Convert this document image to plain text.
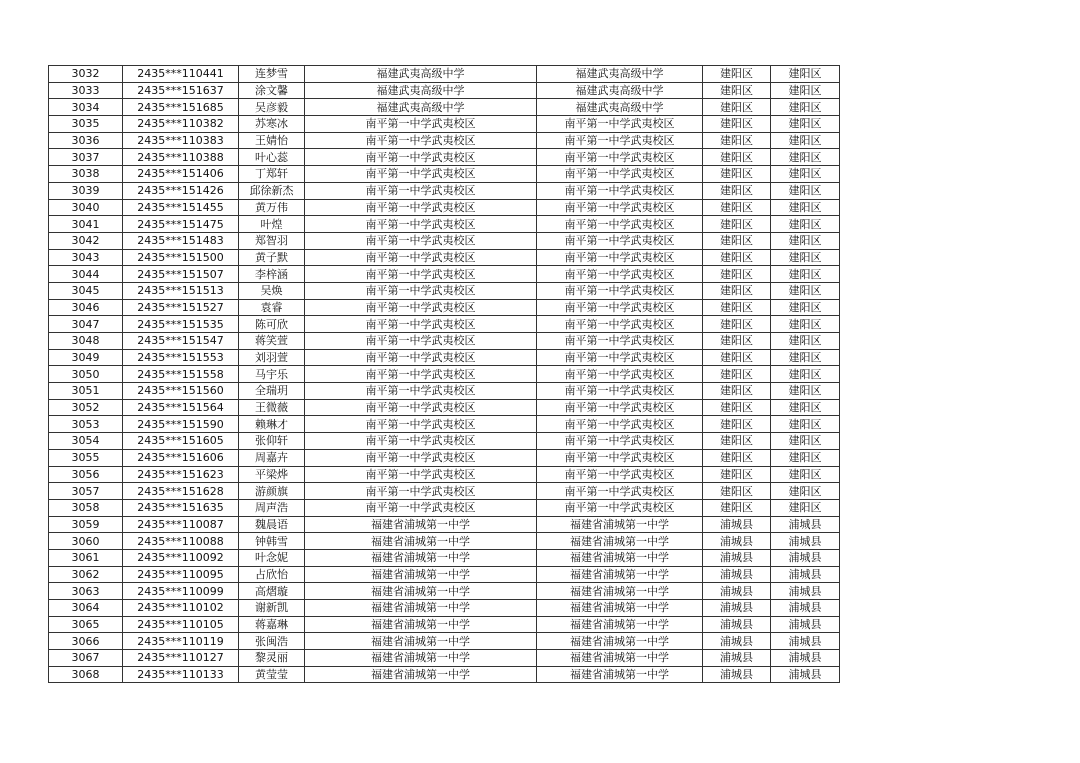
3032	2435***110441	连梦雪	福建武夷高级中学	福建武夷高级中学	建阳区	建阳区
3033	2435***151637	涂文馨	福建武夷高级中学	福建武夷高级中学	建阳区	建阳区
3034	2435***151685	吴彦毅	福建武夷高级中学	福建武夷高级中学	建阳区	建阳区
3035	2435***110382	苏寒冰	南平第一中学武夷校区	南平第一中学武夷校区	建阳区	建阳区
3036	2435***110383	王婧怡	南平第一中学武夷校区	南平第一中学武夷校区	建阳区	建阳区
3037	2435***110388	叶心蕊	南平第一中学武夷校区	南平第一中学武夷校区	建阳区	建阳区
3038	2435***151406	丁郑轩	南平第一中学武夷校区	南平第一中学武夷校区	建阳区	建阳区
3039	2435***151426	邱徐新杰	南平第一中学武夷校区	南平第一中学武夷校区	建阳区	建阳区
3040	2435***151455	黄万伟	南平第一中学武夷校区	南平第一中学武夷校区	建阳区	建阳区
3041	2435***151475	叶煌	南平第一中学武夷校区	南平第一中学武夷校区	建阳区	建阳区
3042	2435***151483	郑智羽	南平第一中学武夷校区	南平第一中学武夷校区	建阳区	建阳区
3043	2435***151500	黄子默	南平第一中学武夷校区	南平第一中学武夷校区	建阳区	建阳区
3044	2435***151507	李梓涵	南平第一中学武夷校区	南平第一中学武夷校区	建阳区	建阳区
3045	2435***151513	吴焕	南平第一中学武夷校区	南平第一中学武夷校区	建阳区	建阳区
3046	2435***151527	袁睿	南平第一中学武夷校区	南平第一中学武夷校区	建阳区	建阳区
3047	2435***151535	陈可欣	南平第一中学武夷校区	南平第一中学武夷校区	建阳区	建阳区
3048	2435***151547	蒋笑萱	南平第一中学武夷校区	南平第一中学武夷校区	建阳区	建阳区
3049	2435***151553	刘羽萱	南平第一中学武夷校区	南平第一中学武夷校区	建阳区	建阳区
3050	2435***151558	马宇乐	南平第一中学武夷校区	南平第一中学武夷校区	建阳区	建阳区
3051	2435***151560	全瑞玥	南平第一中学武夷校区	南平第一中学武夷校区	建阳区	建阳区
3052	2435***151564	王微薇	南平第一中学武夷校区	南平第一中学武夷校区	建阳区	建阳区
3053	2435***151590	赖琳才	南平第一中学武夷校区	南平第一中学武夷校区	建阳区	建阳区
3054	2435***151605	张仰轩	南平第一中学武夷校区	南平第一中学武夷校区	建阳区	建阳区
3055	2435***151606	周嘉卉	南平第一中学武夷校区	南平第一中学武夷校区	建阳区	建阳区
3056	2435***151623	平梁烨	南平第一中学武夷校区	南平第一中学武夷校区	建阳区	建阳区
3057	2435***151628	游颜旗	南平第一中学武夷校区	南平第一中学武夷校区	建阳区	建阳区
3058	2435***151635	周声浩	南平第一中学武夷校区	南平第一中学武夷校区	建阳区	建阳区
3059	2435***110087	魏晨语	福建省浦城第一中学	福建省浦城第一中学	浦城县	浦城县
3060	2435***110088	钟韩雪	福建省浦城第一中学	福建省浦城第一中学	浦城县	浦城县
3061	2435***110092	叶念妮	福建省浦城第一中学	福建省浦城第一中学	浦城县	浦城县
3062	2435***110095	占欣怡	福建省浦城第一中学	福建省浦城第一中学	浦城县	浦城县
3063	2435***110099	高熠璇	福建省浦城第一中学	福建省浦城第一中学	浦城县	浦城县
3064	2435***110102	谢新凯	福建省浦城第一中学	福建省浦城第一中学	浦城县	浦城县
3065	2435***110105	蒋嘉琳	福建省浦城第一中学	福建省浦城第一中学	浦城县	浦城县
3066	2435***110119	张闽浩	福建省浦城第一中学	福建省浦城第一中学	浦城县	浦城县
3067	2435***110127	黎灵丽	福建省浦城第一中学	福建省浦城第一中学	浦城县	浦城县
3068	2435***110133	黄莹莹	福建省浦城第一中学	福建省浦城第一中学	浦城县	浦城县
